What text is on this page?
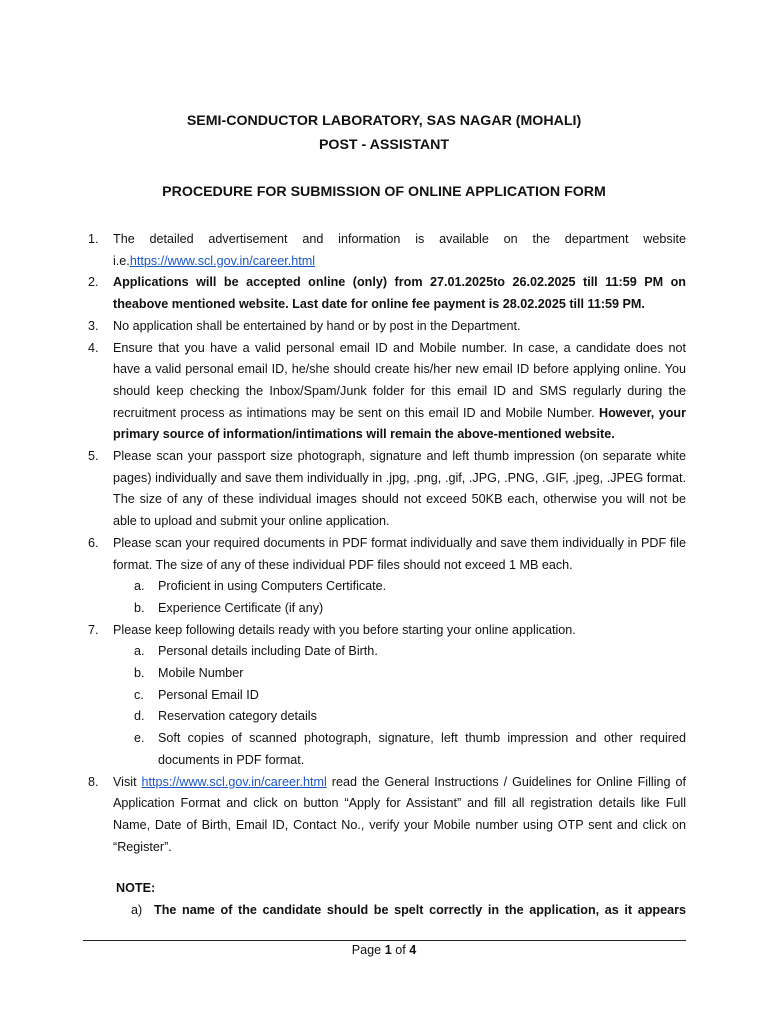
SEMI-CONDUCTOR LABORATORY, SAS NAGAR (MOHALI)
POST - ASSISTANT
PROCEDURE FOR SUBMISSION OF ONLINE APPLICATION FORM
1. The detailed advertisement and information is available on the department website i.e.https://www.scl.gov.in/career.html
2. Applications will be accepted online (only) from 27.01.2025to 26.02.2025 till 11:59 PM on theabove mentioned website. Last date for online fee payment is 28.02.2025 till 11:59 PM.
3. No application shall be entertained by hand or by post in the Department.
4. Ensure that you have a valid personal email ID and Mobile number. In case, a candidate does not have a valid personal email ID, he/she should create his/her new email ID before applying online. You should keep checking the Inbox/Spam/Junk folder for this email ID and SMS regularly during the recruitment process as intimations may be sent on this email ID and Mobile Number. However, your primary source of information/intimations will remain the above-mentioned website.
5. Please scan your passport size photograph, signature and left thumb impression (on separate white pages) individually and save them individually in .jpg, .png, .gif, .JPG, .PNG, .GIF, .jpeg, .JPEG format. The size of any of these individual images should not exceed 50KB each, otherwise you will not be able to upload and submit your online application.
6. Please scan your required documents in PDF format individually and save them individually in PDF file format. The size of any of these individual PDF files should not exceed 1 MB each.
a. Proficient in using Computers Certificate.
b. Experience Certificate (if any)
7. Please keep following details ready with you before starting your online application.
a. Personal details including Date of Birth.
b. Mobile Number
c. Personal Email ID
d. Reservation category details
e. Soft copies of scanned photograph, signature, left thumb impression and other required documents in PDF format.
8. Visit https://www.scl.gov.in/career.html read the General Instructions / Guidelines for Online Filling of Application Format and click on button “Apply for Assistant” and fill all registration details like Full Name, Date of Birth, Email ID, Contact No., verify your Mobile number using OTP sent and click on “Register”.
NOTE:
a) The name of the candidate should be spelt correctly in the application, as it appears
Page 1 of 4
